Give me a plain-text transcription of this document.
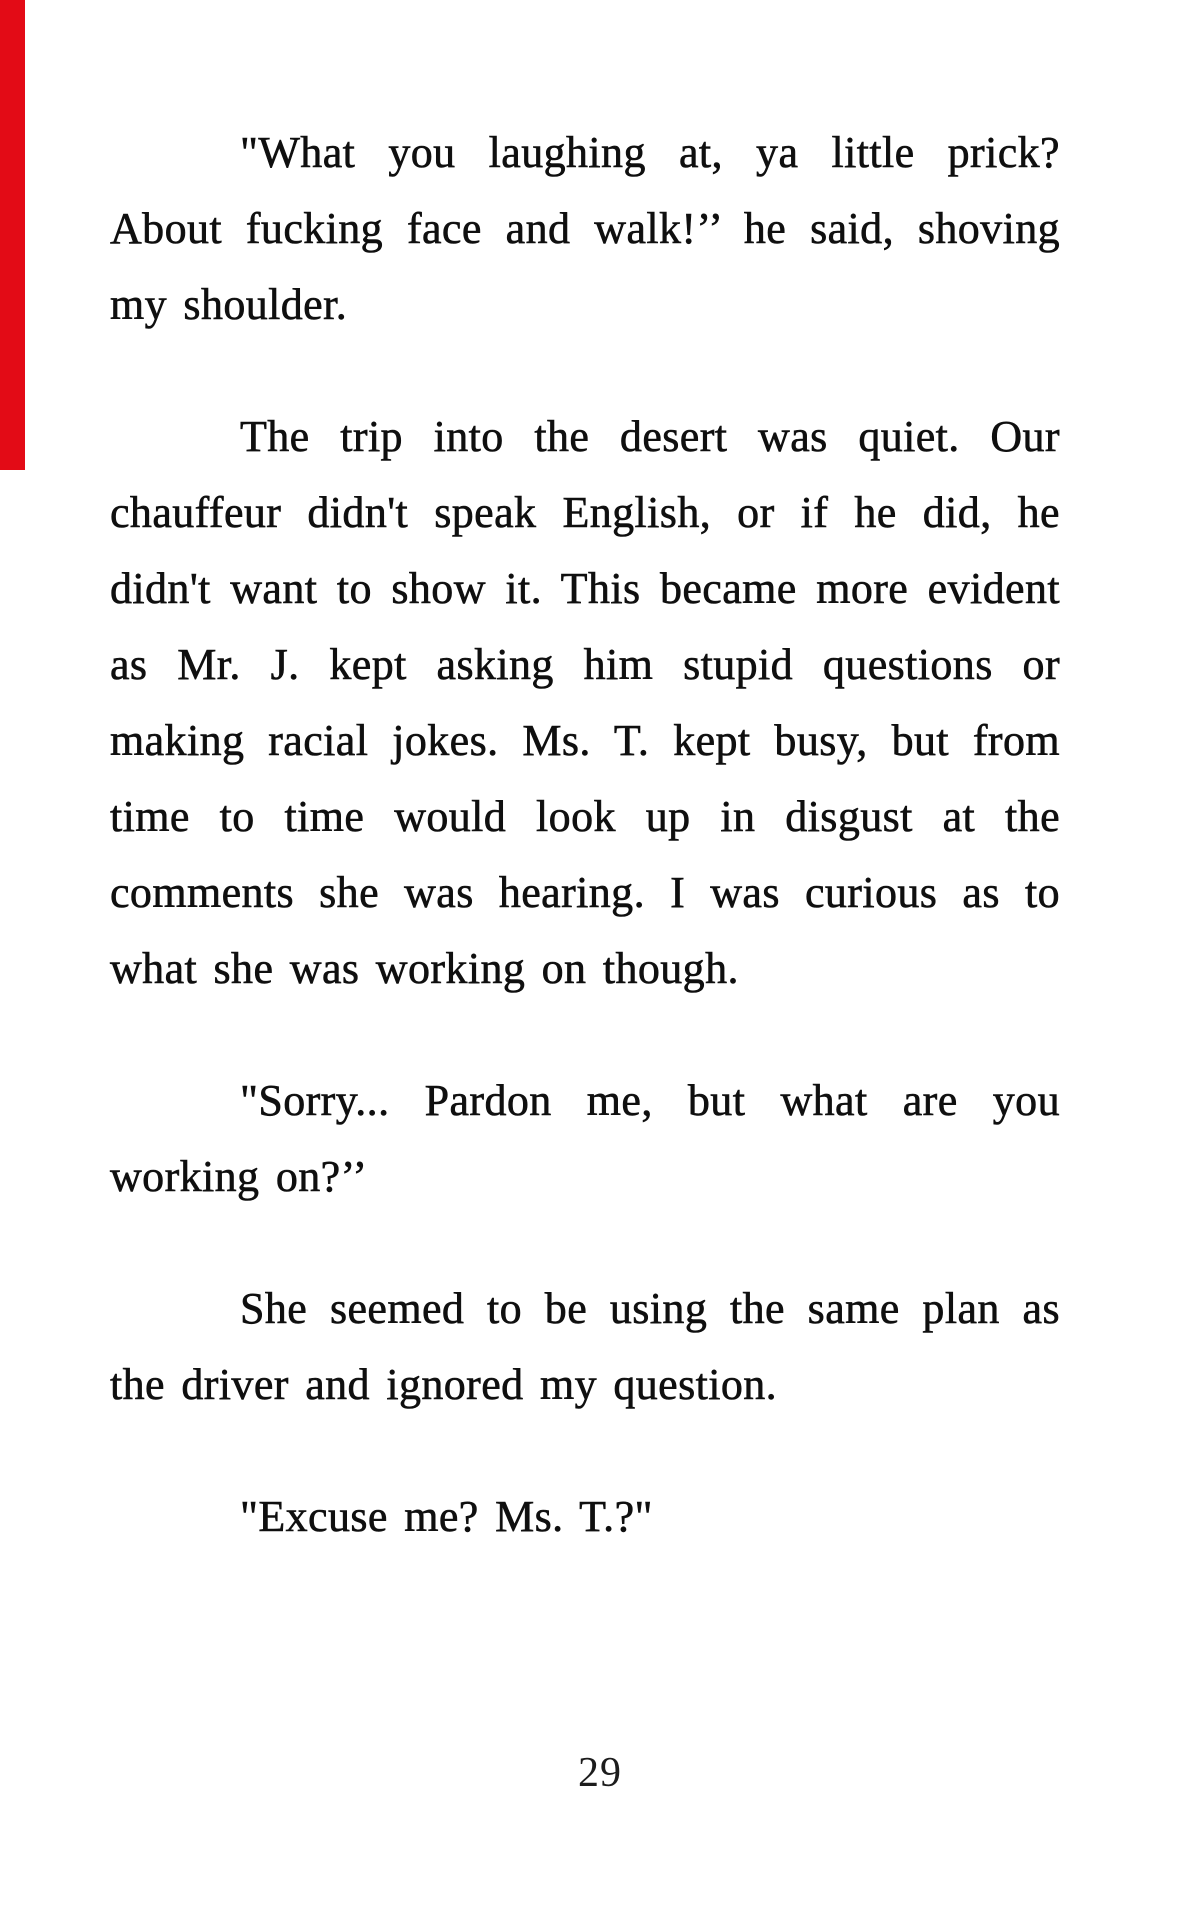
"What you laughing at, ya little prick?
About fucking face and walk!’’ he said, shoving
my shoulder.
The trip into the desert was quiet. Our
chauffeur didn't speak English, or if he did, he
didn't want to show it. This became more evident
as Mr. J. kept asking him stupid questions or
making racial jokes. Ms. T. kept busy, but from
time to time would look up in disgust at the
comments she was hearing. I was curious as to
what she was working on though.
"Sorry... Pardon me, but what are you
working on?’’
She seemed to be using the same plan as
the driver and ignored my question.
"Excuse me? Ms. T.?"
29
